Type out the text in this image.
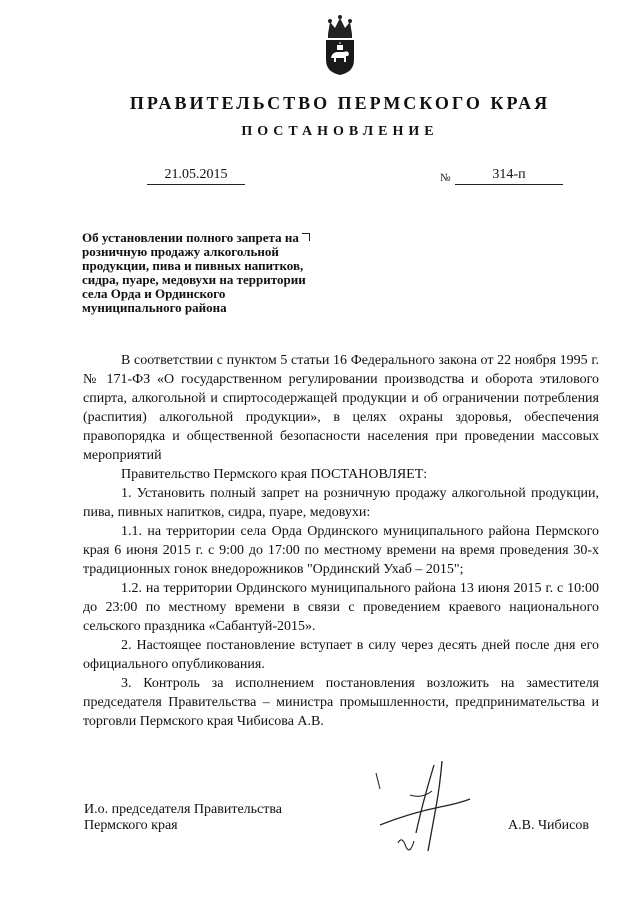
ПРАВИТЕЛЬСТВО ПЕРМСКОГО КРАЯ
ПОСТАНОВЛЕНИЕ
21.05.2015	№	314-п
Об установлении полного запрета на розничную продажу алкогольной продукции, пива и пивных напитков, сидра, пуаре, медовухи на территории села Орда и Ординского муниципального района

В соответствии с пунктом 5 статьи 16 Федерального закона от 22 ноября 1995 г. № 171-ФЗ «О государственном регулировании производства и оборота этилового спирта, алкогольной и спиртосодержащей продукции и об ограничении потребления (распития) алкогольной продукции», в целях охраны здоровья, обеспечения правопорядка и общественной безопасности населения при проведении массовых мероприятий

Правительство Пермского края ПОСТАНОВЛЯЕТ:

1. Установить полный запрет на розничную продажу алкогольной продукции, пива, пивных напитков, сидра, пуаре, медовухи:

1.1. на территории села Орда Ординского муниципального района Пермского края 6 июня 2015 г. с 9:00 до 17:00 по местному времени на время проведения 30-х традиционных гонок внедорожников "Ординский Ухаб – 2015";

1.2. на территории Ординского муниципального района 13 июня 2015 г. с 10:00 до 23:00 по местному времени в связи с проведением краевого национального сельского праздника «Сабантуй-2015».

2. Настоящее постановление вступает в силу через десять дней после дня его официального опубликования.

3. Контроль за исполнением постановления возложить на заместителя председателя Правительства – министра промышленности, предпринимательства и торговли Пермского края Чибисова А.В.

И.о. председателя Правительства
Пермского края	А.В. Чибисов
